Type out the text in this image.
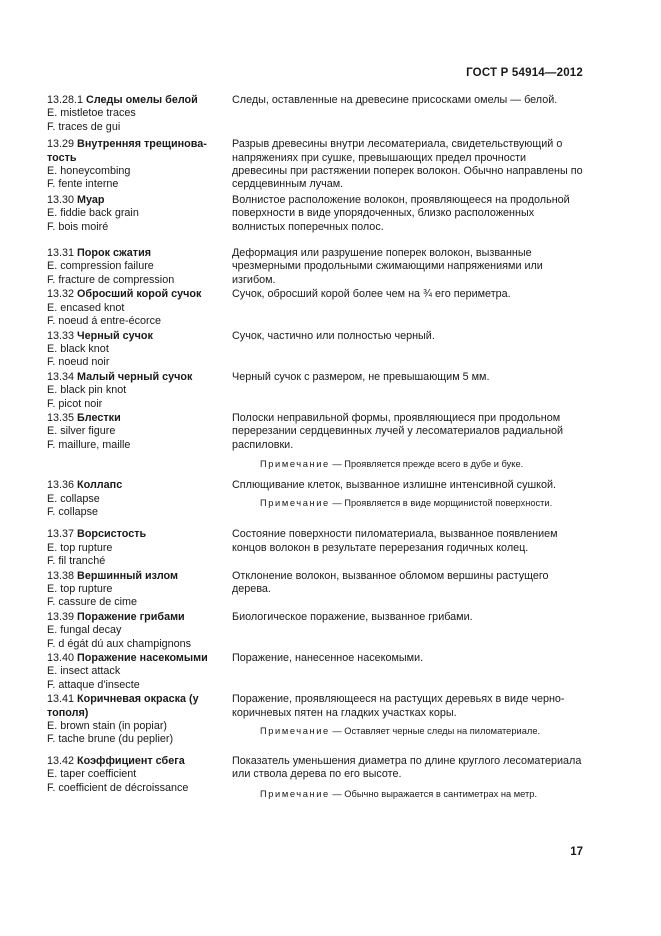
ГОСТ Р 54914—2012
13.28.1 Следы омелы белой
E. mistletoe traces
F. traces de gui
Следы, оставленные на древесине присосками омелы — белой.
13.29 Внутренняя трещинова-тость
E. honeycombing
F. fente interne
Разрыв древесины внутри лесоматериала, свидетельствующий о напряжениях при сушке, превышающих предел прочности древесины при растяжении поперек волокон. Обычно направлены по сердцевинным лучам.
13.30 Муар
E. fiddie back grain
F. bois moiré
Волнистое расположение волокон, проявляющееся на продольной поверхности в виде упорядоченных, близко расположенных волнистых поперечных полос.
13.31 Порок сжатия
E. compression failure
F. fracture de compression
Деформация или разрушение поперек волокон, вызванные чрезмерными продольными сжимающими напряжениями или изгибом.
13.32 Обросший корой сучок
E. encased knot
F. noeud á entre-écorce
Сучок, обросший корой более чем на ¾ его периметра.
13.33 Черный сучок
E. black knot
F. noeud noir
Сучок, частично или полностью черный.
13.34 Малый черный сучок
E. black pin knot
F. picot noir
Черный сучок с размером, не превышающим 5 мм.
13.35 Блестки
E. silver figure
F. maillure, maille
Полоски неправильной формы, проявляющиеся при продольном перерезании сердцевинных лучей у лесоматериалов радиальной распиловки.
Примечание — Проявляется прежде всего в дубе и буке.
13.36 Коллапс
E. collapse
F. collapse
Сплющивание клеток, вызванное излишне интенсивной сушкой.
Примечание — Проявляется в виде морщинистой поверхности.
13.37 Ворсистость
E. top rupture
F. fil tranché
Состояние поверхности пиломатериала, вызванное появлением концов волокон в результате перерезания годичных колец.
13.38 Вершинный излом
E. top rupture
F. cassure de cime
Отклонение волокон, вызванное обломом вершины растущего дерева.
13.39 Поражение грибами
E. fungal decay
F. d égát dú aux champignons
Биологическое поражение, вызванное грибами.
13.40 Поражение насекомыми
E. insect attack
F. attaque d'insecte
Поражение, нанесенное насекомыми.
13.41 Коричневая окраска (у тополя)
E. brown stain (in popiar)
F. tache brune (du peplier)
Поражение, проявляющееся на растущих деревьях в виде черно-коричневых пятен на гладких участках коры.
Примечание — Оставляет черные следы на пиломатериале.
13.42 Коэффициент сбега
E. taper coefficient
F. coefficient de décroissance
Показатель уменьшения диаметра по длине круглого лесоматериала или ствола дерева по его высоте.
Примечание — Обычно выражается в сантиметрах на метр.
17
